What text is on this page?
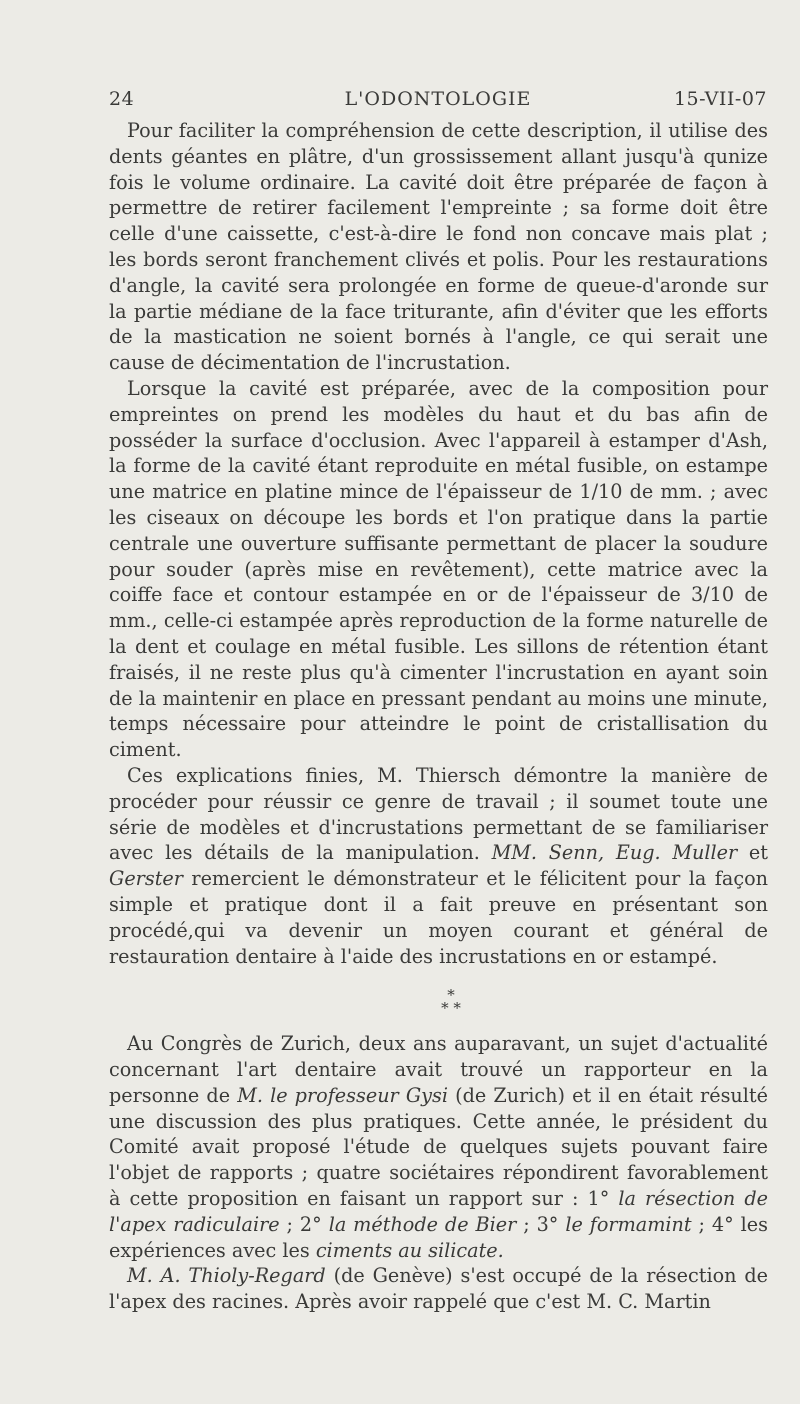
24	L'ODONTOLOGIE	15-VII-07

Pour faciliter la compréhension de cette description, il utilise des dents géantes en plâtre, d'un grossissement allant jusqu'à qunize fois le volume ordinaire. La cavité doit être préparée de façon à permettre de retirer facilement l'empreinte ; sa forme doit être celle d'une caissette, c'est-à-dire le fond non concave mais plat ; les bords seront franchement clivés et polis. Pour les restaurations d'angle, la cavité sera prolongée en forme de queue-d'aronde sur la partie médiane de la face triturante, afin d'éviter que les efforts de la mastication ne soient bornés à l'angle, ce qui serait une cause de décimentation de l'incrustation.

Lorsque la cavité est préparée, avec de la composition pour empreintes on prend les modèles du haut et du bas afin de posséder la surface d'occlusion. Avec l'appareil à estamper d'Ash, la forme de la cavité étant reproduite en métal fusible, on estampe une matrice en platine mince de l'épaisseur de 1/10 de mm. ; avec les ciseaux on découpe les bords et l'on pratique dans la partie centrale une ouverture suffisante permettant de placer la soudure pour souder (après mise en revêtement), cette matrice avec la coiffe face et contour estampée en or de l'épaisseur de 3/10 de mm., celle-ci estampée après reproduction de la forme naturelle de la dent et coulage en métal fusible. Les sillons de rétention étant fraisés, il ne reste plus qu'à cimenter l'incrustation en ayant soin de la maintenir en place en pressant pendant au moins une minute, temps nécessaire pour atteindre le point de cristallisation du ciment.

Ces explications finies, M. Thiersch démontre la manière de procéder pour réussir ce genre de travail ; il soumet toute une série de modèles et d'incrustations permettant de se familiariser avec les détails de la manipulation. MM. Senn, Eug. Muller et Gerster remercient le démonstrateur et le félicitent pour la façon simple et pratique dont il a fait preuve en présentant son procédé,qui va devenir un moyen courant et général de restauration dentaire à l'aide des incrustations en or estampé.

*
* *

Au Congrès de Zurich, deux ans auparavant, un sujet d'actualité concernant l'art dentaire avait trouvé un rapporteur en la personne de M. le professeur Gysi (de Zurich) et il en était résulté une discussion des plus pratiques. Cette année, le président du Comité avait proposé l'étude de quelques sujets pouvant faire l'objet de rapports ; quatre sociétaires répondirent favorablement à cette proposition en faisant un rapport sur : 1° la résection de l'apex radiculaire ; 2° la méthode de Bier ; 3° le formamint ; 4° les expériences avec les ciments au silicate.

M. A. Thioly-Regard (de Genève) s'est occupé de la résection de l'apex des racines. Après avoir rappelé que c'est M. C. Martin
